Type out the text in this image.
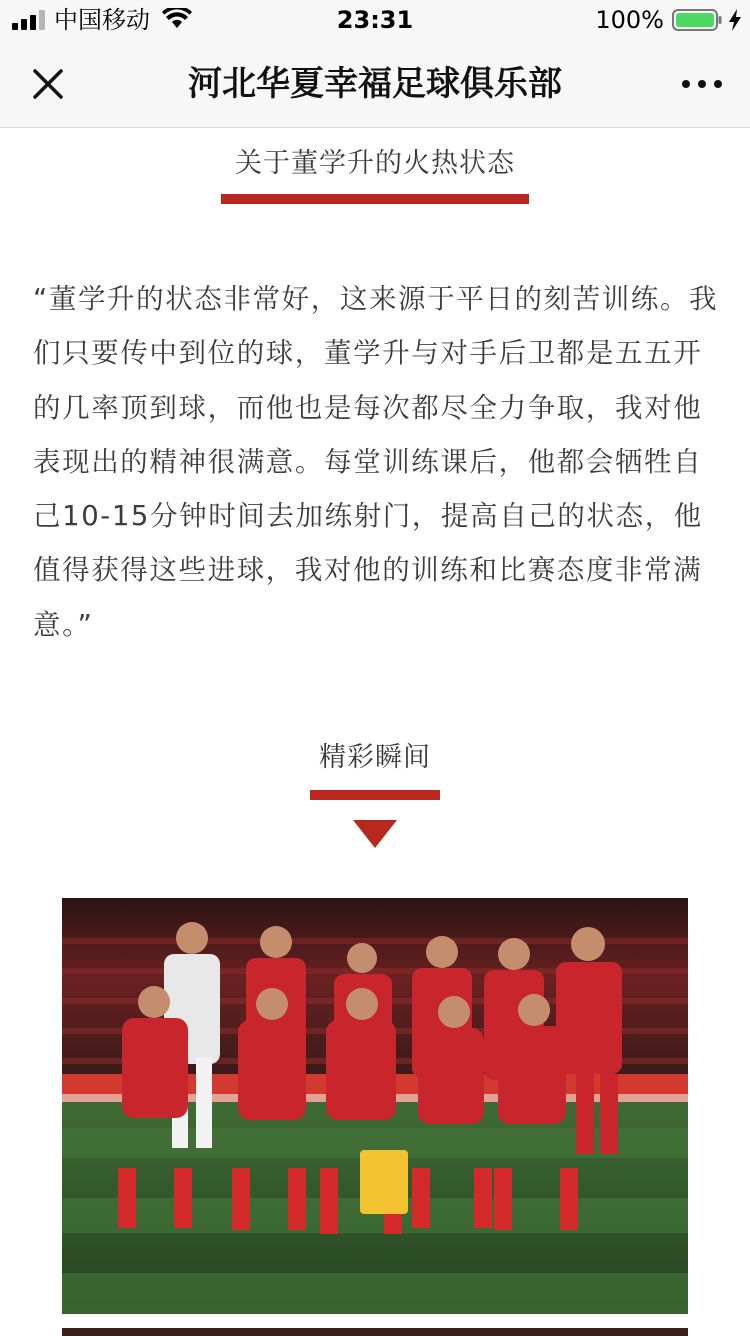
中国移动	23:31	100%
河北华夏幸福足球俱乐部
关于董学升的火热状态

“董学升的状态非常好，这来源于平日的刻苦训练。我们只要传中到位的球，董学升与对手后卫都是五五开的几率顶到球，而他也是每次都尽全力争取，我对他表现出的精神很满意。每堂训练课后，他都会牺牲自己10-15分钟时间去加练射门，提高自己的状态，他值得获得这些进球，我对他的训练和比赛态度非常满意。”

精彩瞬间
